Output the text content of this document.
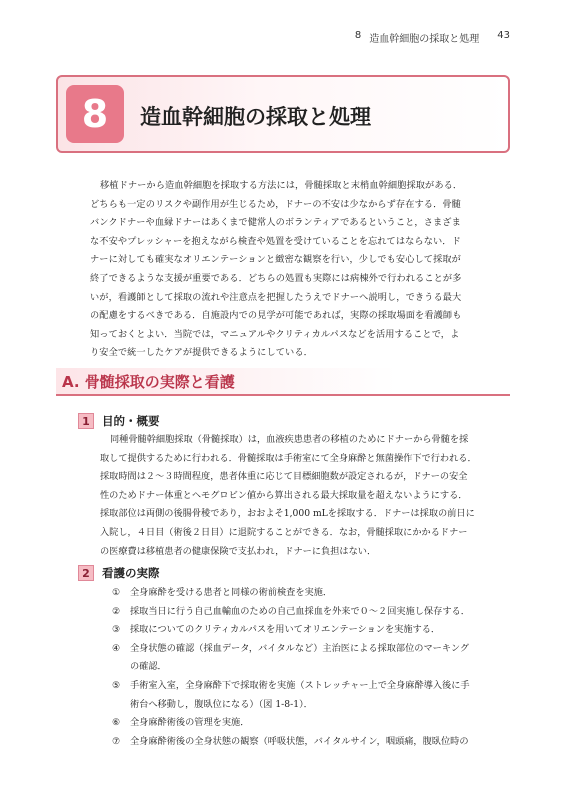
8 造血幹細胞の採取と処理 43
8	造血幹細胞の採取と処理
移植ドナーから造血幹細胞を採取する方法には，骨髄採取と末梢血幹細胞採取がある．
どちらも一定のリスクや副作用が生じるため，ドナーの不安は少なからず存在する．骨髄
バンクドナーや血縁ドナーはあくまで健常人のボランティアであるということ，さまざま
な不安やプレッシャーを抱えながら検査や処置を受けていることを忘れてはならない．ド
ナーに対しても確実なオリエンテーションと緻密な観察を行い，少しでも安心して採取が
終了できるような支援が重要である．どちらの処置も実際には病棟外で行われることが多
いが，看護師として採取の流れや注意点を把握したうえでドナーへ説明し，できうる最大
の配慮をするべきである．自施設内での見学が可能であれば，実際の採取場面を看護師も
知っておくとよい．当院では，マニュアルやクリティカルパスなどを活用することで，よ
り安全で統一したケアが提供できるようにしている．
A. 骨髄採取の実際と看護
1	目的・概要
同種骨髄幹細胞採取（骨髄採取）は，血液疾患患者の移植のためにドナーから骨髄を採
取して提供するために行われる．骨髄採取は手術室にて全身麻酔と無菌操作下で行われる．
採取時間は２〜３時間程度，患者体重に応じて目標細胞数が設定されるが，ドナーの安全
性のためドナー体重とヘモグロビン値から算出される最大採取量を超えないようにする．
採取部位は両側の後腸骨稜であり，おおよそ1,000 mLを採取する．ドナーは採取の前日に
入院し，４日目（術後２日目）に退院することができる．なお，骨髄採取にかかるドナー
の医療費は移植患者の健康保険で支払われ，ドナーに負担はない．
2	看護の実際
① 全身麻酔を受ける患者と同様の術前検査を実施．
② 採取当日に行う自己血輸血のための自己血採血を外来で０〜２回実施し保存する．
③ 採取についてのクリティカルパスを用いてオリエンテーションを実施する．
④ 全身状態の確認（採血データ，バイタルなど）主治医による採取部位のマーキング
の確認．
⑤ 手術室入室，全身麻酔下で採取術を実施（ストレッチャー上で全身麻酔導入後に手
術台へ移動し，腹臥位になる）（図 1-8-1）．
⑥ 全身麻酔術後の管理を実施．
⑦ 全身麻酔術後の全身状態の観察（呼吸状態，バイタルサイン，咽頭痛，腹臥位時の
